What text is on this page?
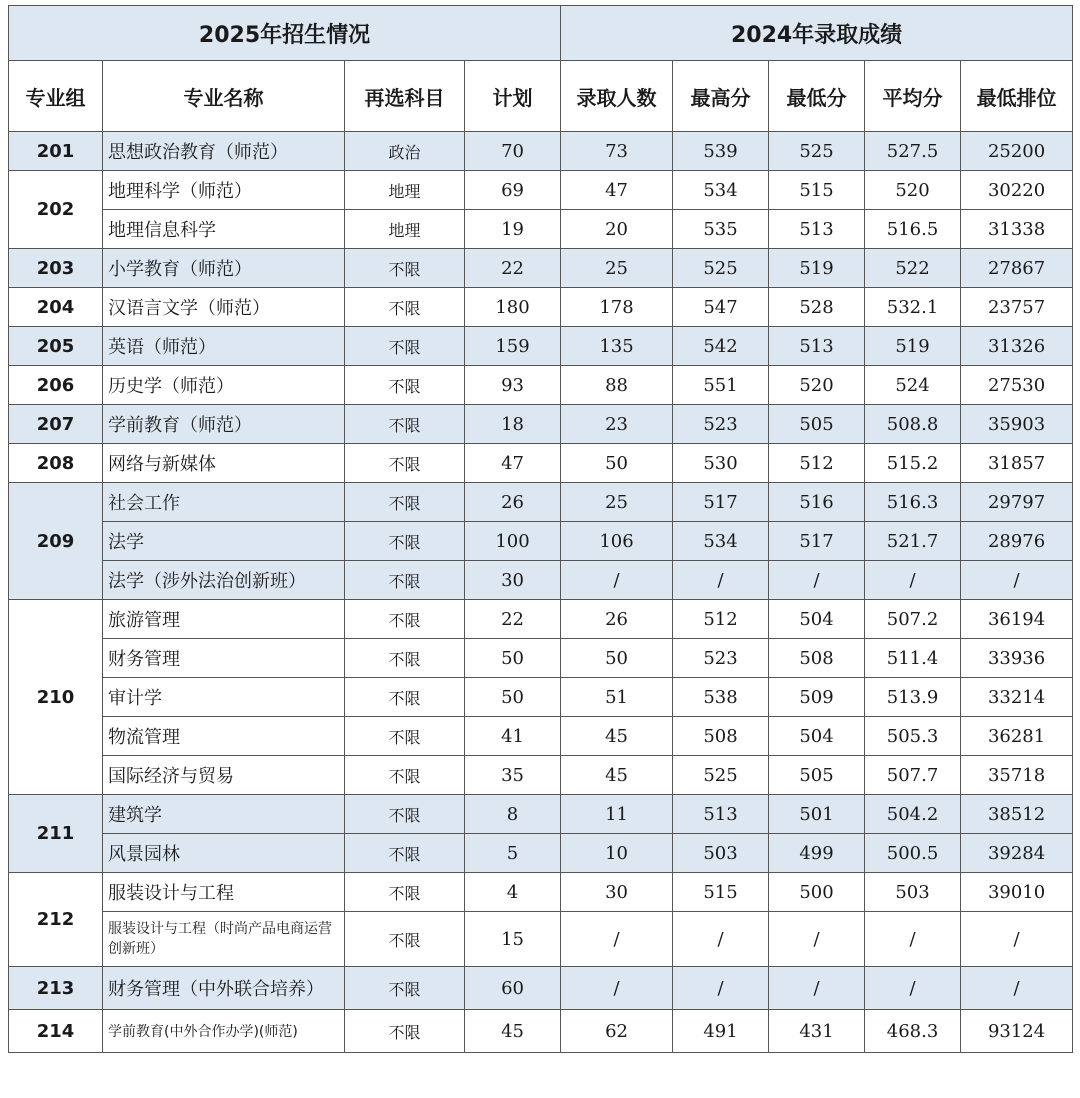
2025年招生情况				2024年录取成绩				
专业组	专业名称	再选科目	计划	录取人数	最高分	最低分	平均分	最低排位
201	思想政治教育（师范）	政治	70	73	539	525	527.5	25200
202	地理科学（师范）	地理	69	47	534	515	520	30220
	地理信息科学	地理	19	20	535	513	516.5	31338
203	小学教育（师范）	不限	22	25	525	519	522	27867
204	汉语言文学（师范）	不限	180	178	547	528	532.1	23757
205	英语（师范）	不限	159	135	542	513	519	31326
206	历史学（师范）	不限	93	88	551	520	524	27530
207	学前教育（师范）	不限	18	23	523	505	508.8	35903
208	网络与新媒体	不限	47	50	530	512	515.2	31857
209	社会工作	不限	26	25	517	516	516.3	29797
	法学	不限	100	106	534	517	521.7	28976
	法学（涉外法治创新班）	不限	30	/	/	/	/	/
210	旅游管理	不限	22	26	512	504	507.2	36194
	财务管理	不限	50	50	523	508	511.4	33936
	审计学	不限	50	51	538	509	513.9	33214
	物流管理	不限	41	45	508	504	505.3	36281
	国际经济与贸易	不限	35	45	525	505	507.7	35718
211	建筑学	不限	8	11	513	501	504.2	38512
	风景园林	不限	5	10	503	499	500.5	39284
212	服装设计与工程	不限	4	30	515	500	503	39010
	服装设计与工程（时尚产品电商运营创新班）	不限	15	/	/	/	/	/
213	财务管理（中外联合培养）	不限	60	/	/	/	/	/
214	学前教育(中外合作办学)(师范)	不限	45	62	491	431	468.3	93124
